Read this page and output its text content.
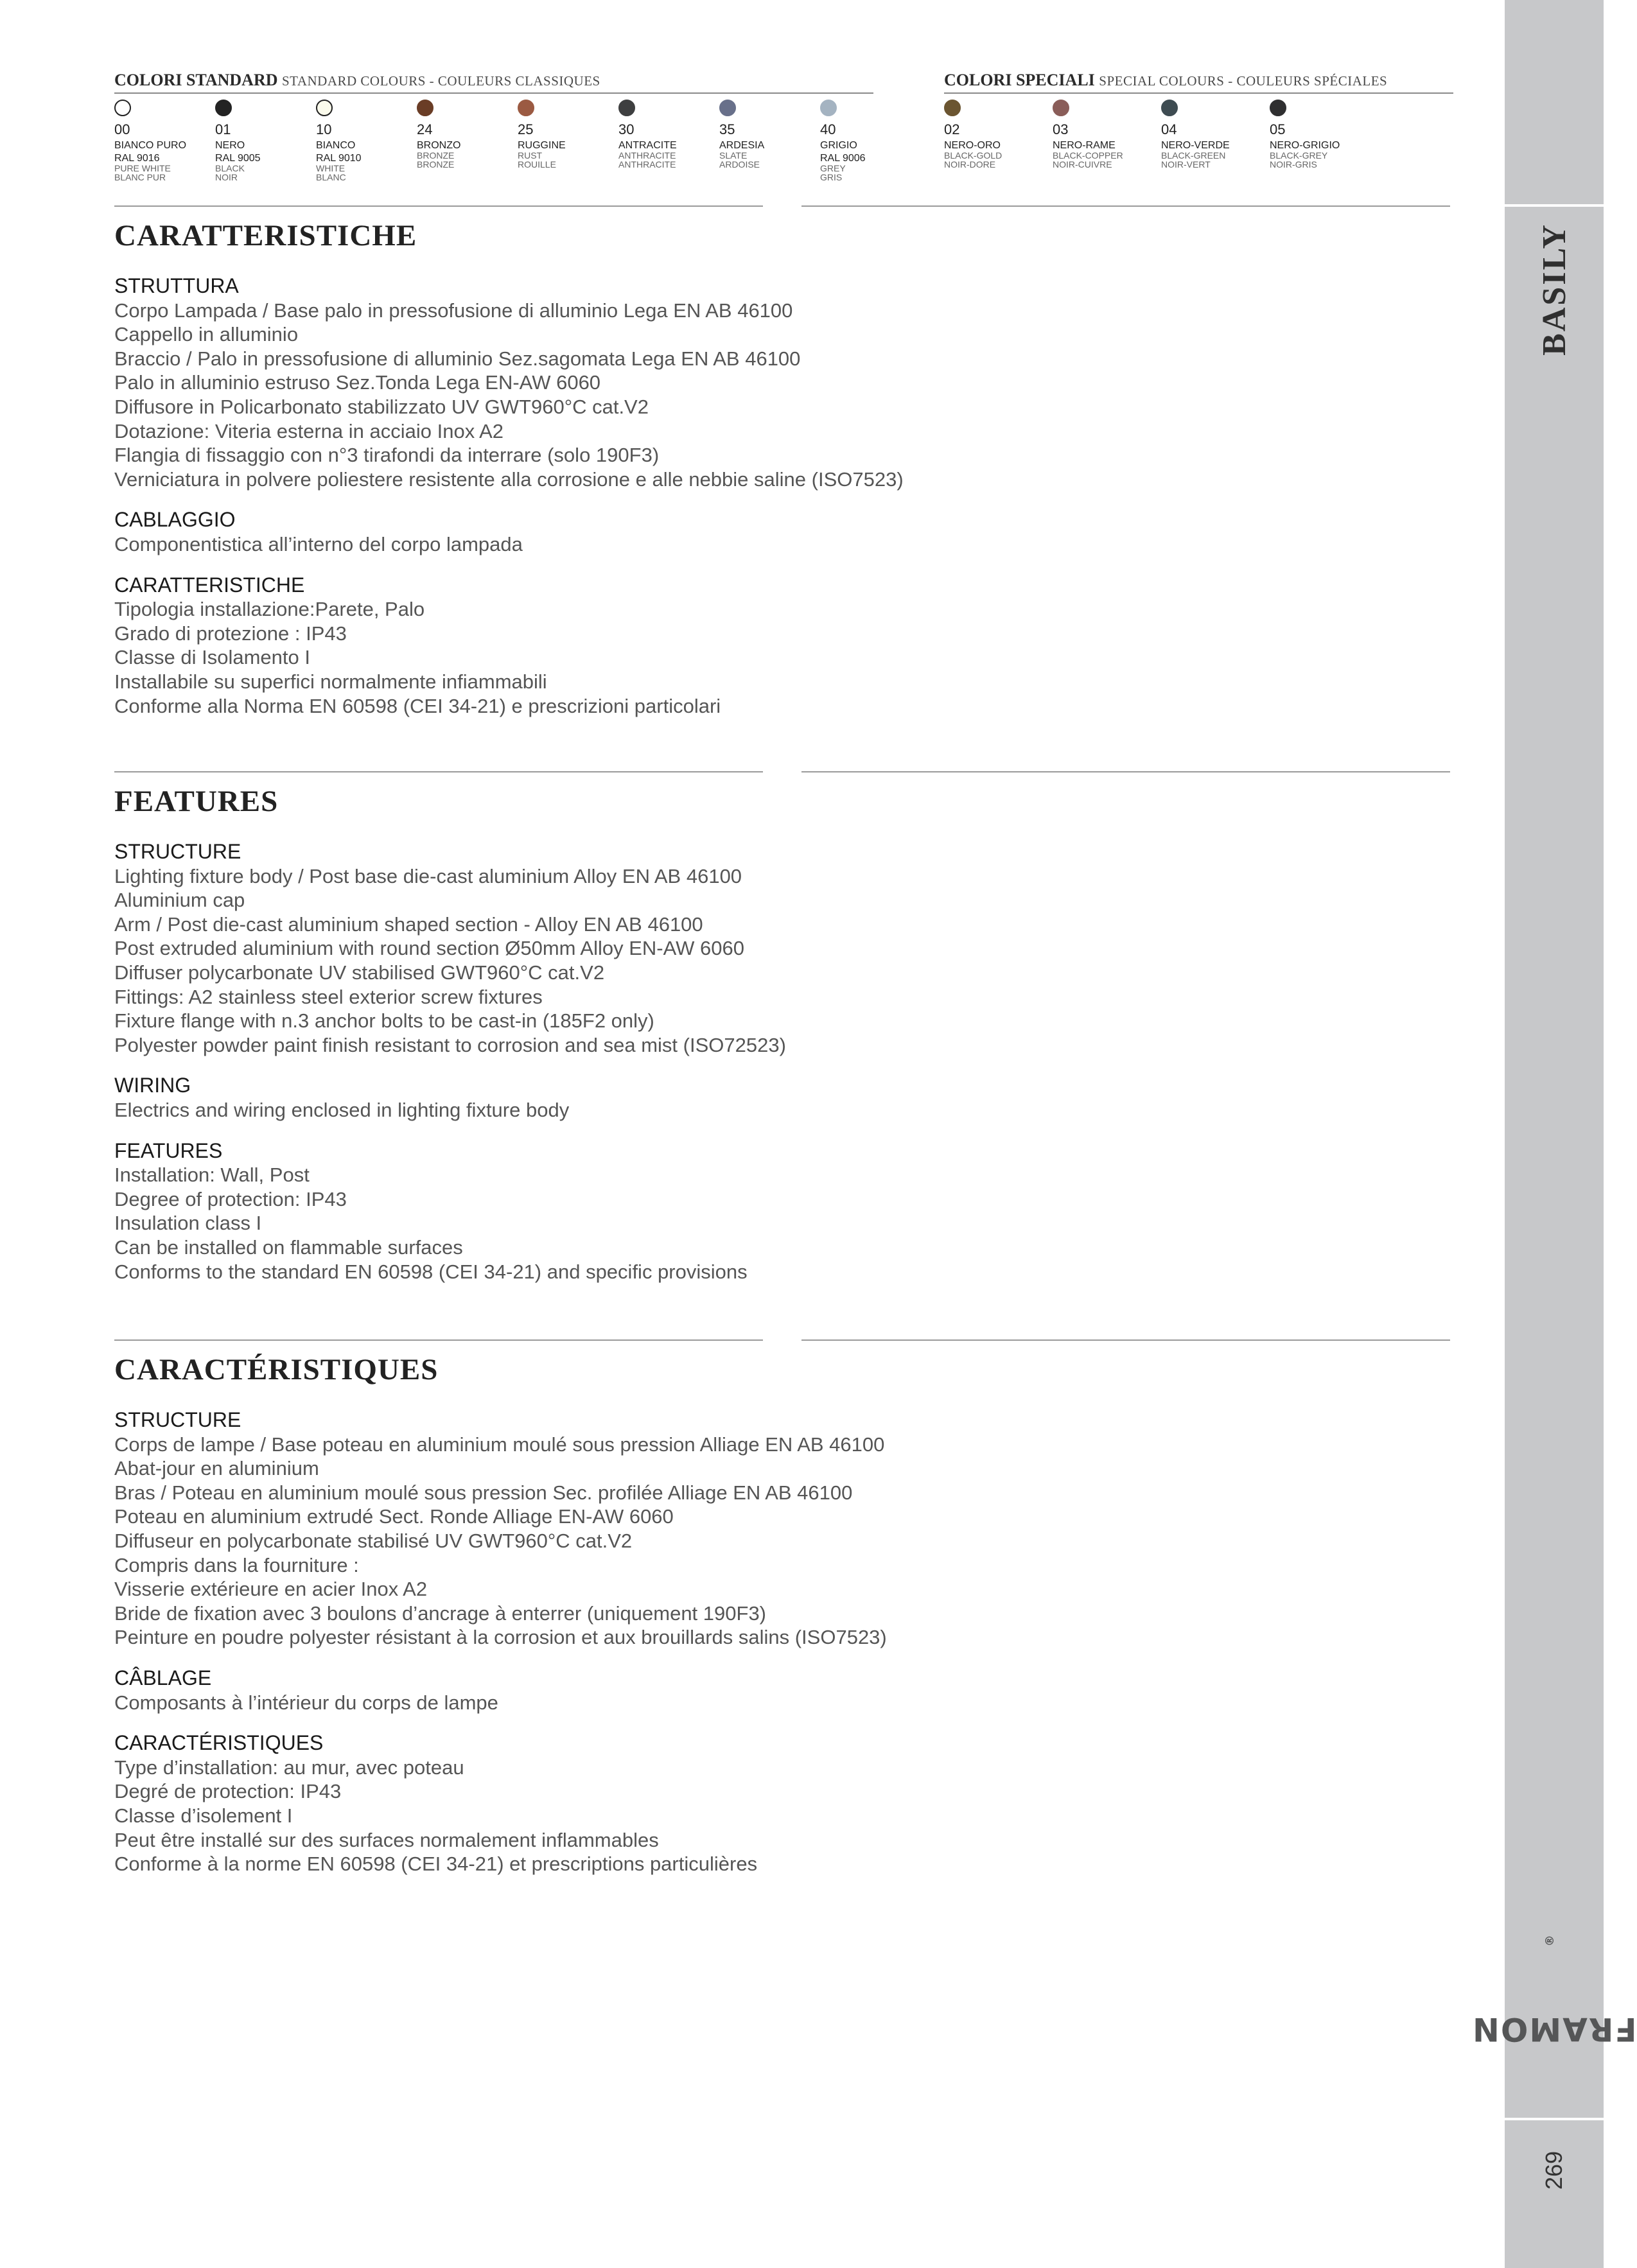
BASILY
FRAMON®
269
COLORI STANDARD STANDARD COLOURS - COULEURS CLASSIQUES
00
BIANCO PURO
RAL 9016
PURE WHITE
BLANC PUR
01
NERO
RAL 9005
BLACK
NOIR
10
BIANCO
RAL 9010
WHITE
BLANC
24
BRONZO
BRONZE
BRONZE
25
RUGGINE
RUST
ROUILLE
30
ANTRACITE
ANTHRACITE
ANTHRACITE
35
ARDESIA
SLATE
ARDOISE
40
GRIGIO
RAL 9006
GREY
GRIS
COLORI SPECIALI SPECIAL COLOURS - COULEURS SPÉCIALES
02
NERO-ORO
BLACK-GOLD
NOIR-DORE
03
NERO-RAME
BLACK-COPPER
NOIR-CUIVRE
04
NERO-VERDE
BLACK-GREEN
NOIR-VERT
05
NERO-GRIGIO
BLACK-GREY
NOIR-GRIS
CARATTERISTICHE
STRUTTURA
Corpo Lampada / Base palo in pressofusione di alluminio Lega EN AB 46100
Cappello in alluminio
Braccio / Palo in pressofusione di alluminio Sez.sagomata Lega EN AB 46100
Palo in alluminio estruso Sez.Tonda Lega EN-AW 6060
Diffusore in Policarbonato stabilizzato UV GWT960°C cat.V2
Dotazione: Viteria esterna in acciaio Inox A2
Flangia di fissaggio con n°3 tirafondi da interrare (solo 190F3)
Verniciatura in polvere poliestere resistente alla corrosione e alle nebbie saline (ISO7523)
CABLAGGIO
Componentistica all’interno del corpo lampada
CARATTERISTICHE
Tipologia installazione:Parete, Palo
Grado di protezione : IP43
Classe di Isolamento I
Installabile su superfici normalmente infiammabili
Conforme alla Norma EN 60598 (CEI 34-21) e prescrizioni particolari
FEATURES
STRUCTURE
Lighting fixture body / Post base die-cast aluminium Alloy EN AB 46100
Aluminium cap
Arm / Post die-cast aluminium shaped section - Alloy EN AB 46100
Post extruded aluminium with round section Ø50mm Alloy EN-AW 6060
Diffuser polycarbonate UV stabilised GWT960°C cat.V2
Fittings: A2 stainless steel exterior screw fixtures
Fixture flange with n.3 anchor bolts to be cast-in (185F2 only)
Polyester powder paint finish resistant to corrosion and sea mist (ISO72523)
WIRING
Electrics and wiring enclosed in lighting fixture body
FEATURES
Installation: Wall, Post
Degree of protection: IP43
Insulation class I
Can be installed on flammable surfaces
Conforms to the standard EN 60598 (CEI 34-21) and specific provisions
CARACTÉRISTIQUES
STRUCTURE
Corps de lampe / Base poteau en aluminium moulé sous pression Alliage EN AB 46100
Abat-jour en aluminium
Bras / Poteau en aluminium moulé sous pression Sec. profilée Alliage EN AB 46100
Poteau en aluminium extrudé Sect. Ronde Alliage EN-AW 6060
Diffuseur en polycarbonate stabilisé UV GWT960°C cat.V2
Compris dans la fourniture :
Visserie extérieure en acier Inox A2
Bride de fixation avec 3 boulons d’ancrage à enterrer (uniquement 190F3)
Peinture en poudre polyester résistant à la corrosion et aux brouillards salins (ISO7523)
CÂBLAGE
Composants à l’intérieur du corps de lampe
CARACTÉRISTIQUES
Type d’installation: au mur, avec poteau
Degré de protection: IP43
Classe d’isolement I
Peut être installé sur des surfaces normalement inflammables
Conforme à la norme EN 60598 (CEI 34-21) et prescriptions particulières
